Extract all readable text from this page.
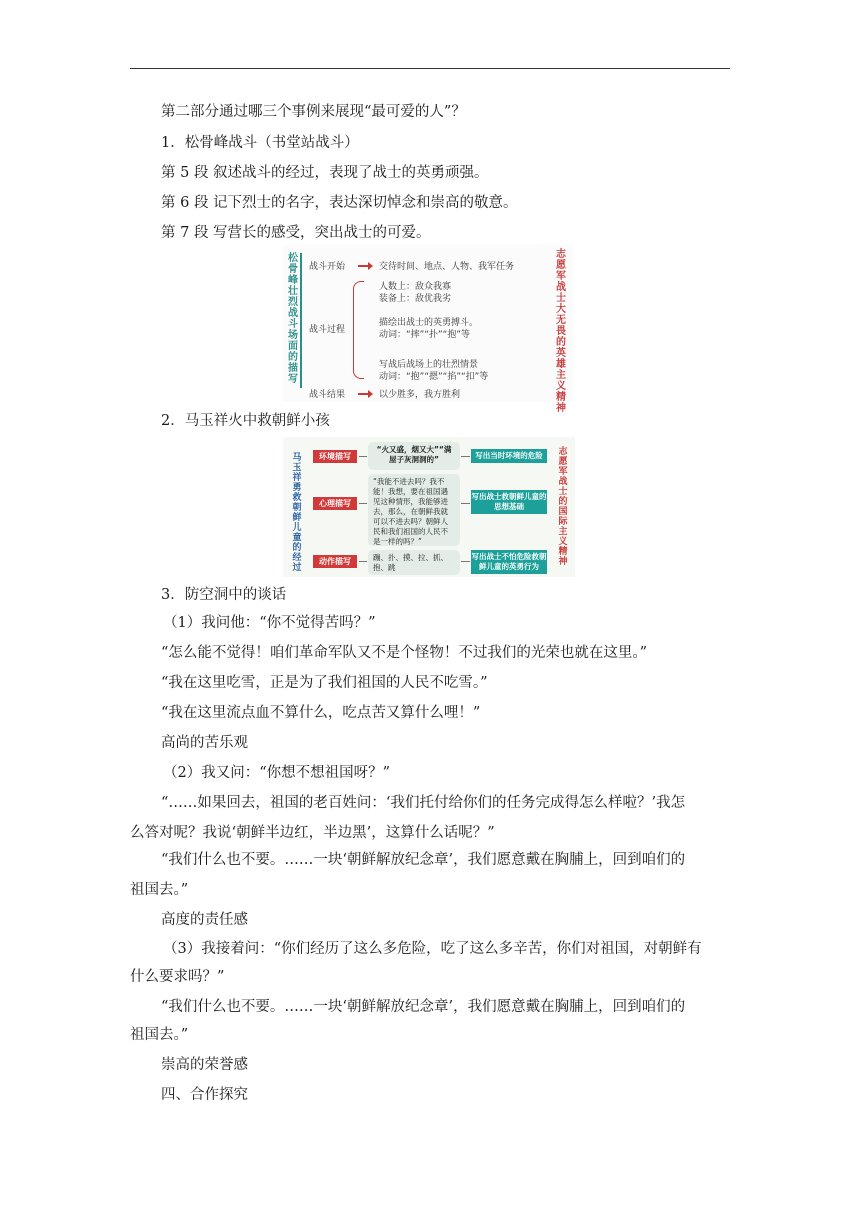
第二部分通过哪三个事例来展现“最可爱的人”？
1．松骨峰战斗（书堂站战斗）
第 5 段 叙述战斗的经过，表现了战士的英勇顽强。
第 6 段 记下烈士的名字，表达深切悼念和崇高的敬意。
第 7 段 写营长的感受，突出战士的可爱。
松骨峰壮烈战斗场面的描写
志愿军战士大无畏的英雄主义精神
战斗开始	交待时间、地点、人物、我军任务
战斗过程
人数上：敌众我寡
装备上：敌优我劣
描绘出战士的英勇搏斗。
动词：“摔”“扑”“抱”等
写战后战场上的壮烈情景
动词：“抱”“摁”“掐”“扣”等
战斗结果	以少胜多，我方胜利
2．马玉祥火中救朝鲜小孩
马玉祥勇救朝鲜儿童的经过
志愿军战士的国际主义精神
环境描写
心理描写
动作描写
“火又盛，烟又大”“满屋子灰洞洞的”
“我能不进去吗？我不能！我想，要在祖国遇见这种情形，我能够进去，那么，在朝鲜我就可以不进去吗？朝鲜人民和我们祖国的人民不是一样的吗？”
蹦、扑、摸、拉、抓、抱、跳
写出当时环境的危险
写出战士救朝鲜儿童的思想基础
写出战士不怕危险救朝鲜儿童的英勇行为
3．防空洞中的谈话
（1）我问他：“你不觉得苦吗？”
“怎么能不觉得！咱们革命军队又不是个怪物！不过我们的光荣也就在这里。”
“我在这里吃雪，正是为了我们祖国的人民不吃雪。”
“我在这里流点血不算什么，吃点苦又算什么哩！”
高尚的苦乐观
（2）我又问：“你想不想祖国呀？”
“……如果回去，祖国的老百姓问：‘我们托付给你们的任务完成得怎么样啦？’我怎
么答对呢？我说‘朝鲜半边红，半边黑’，这算什么话呢？”
“我们什么也不要。……一块‘朝鲜解放纪念章’，我们愿意戴在胸脯上，回到咱们的
祖国去。”
高度的责任感
（3）我接着问：“你们经历了这么多危险，吃了这么多辛苦，你们对祖国，对朝鲜有
什么要求吗？”
“我们什么也不要。……一块‘朝鲜解放纪念章’，我们愿意戴在胸脯上，回到咱们的
祖国去。”
崇高的荣誉感
四、合作探究
